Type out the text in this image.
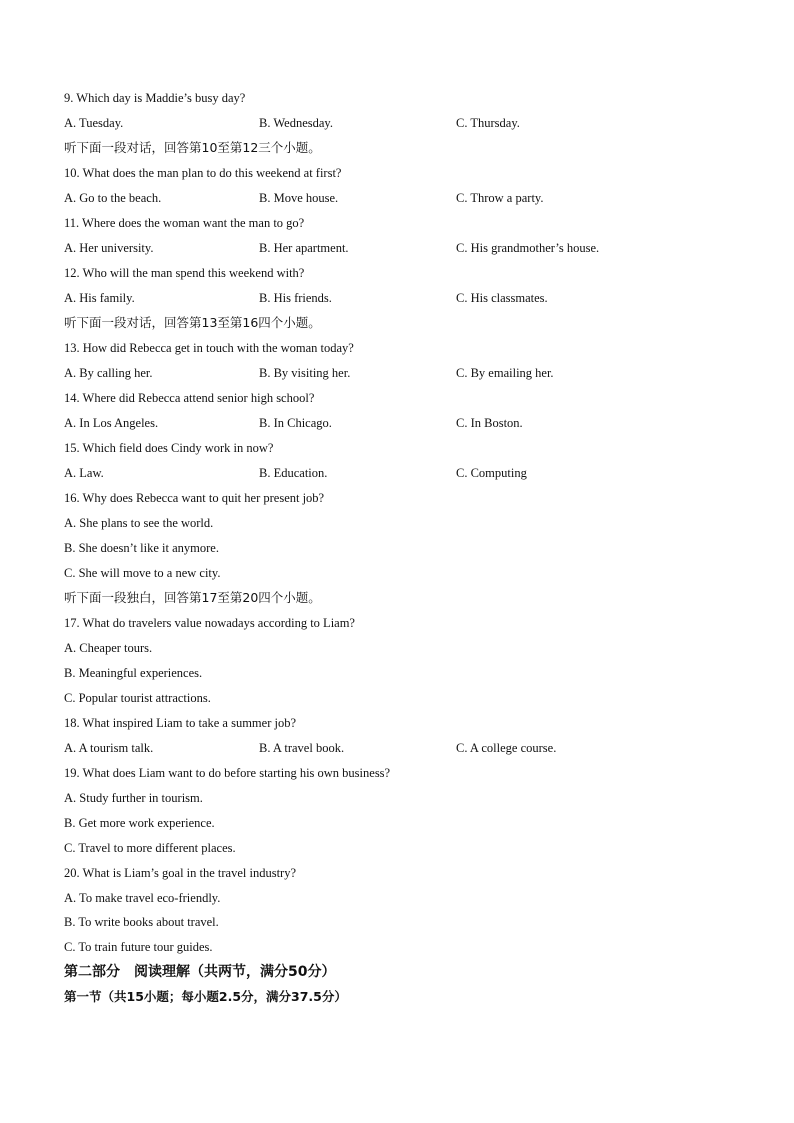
9. Which day is Maddie’s busy day?
A. Tuesday.	B. Wednesday.	C. Thursday.
听下面一段对话，回答第10至第12三个小题。
10. What does the man plan to do this weekend at first?
A. Go to the beach.	B. Move house.	C. Throw a party.
11. Where does the woman want the man to go?
A. Her university.	B. Her apartment.	C. His grandmother’s house.
12. Who will the man spend this weekend with?
A. His family.	B. His friends.	C. His classmates.
听下面一段对话，回答第13至第16四个小题。
13. How did Rebecca get in touch with the woman today?
A. By calling her.	B. By visiting her.	C. By emailing her.
14. Where did Rebecca attend senior high school?
A. In Los Angeles.	B. In Chicago.	C. In Boston.
15. Which field does Cindy work in now?
A. Law.	B. Education.	C. Computing
16. Why does Rebecca want to quit her present job?
A. She plans to see the world.
B. She doesn’t like it anymore.
C. She will move to a new city.
听下面一段独白，回答第17至第20四个小题。
17. What do travelers value nowadays according to Liam?
A. Cheaper tours.
B. Meaningful experiences.
C. Popular tourist attractions.
18. What inspired Liam to take a summer job?
A. A tourism talk.	B. A travel book.	C. A college course.
19. What does Liam want to do before starting his own business?
A. Study further in tourism.
B. Get more work experience.
C. Travel to more different places.
20. What is Liam’s goal in the travel industry?
A. To make travel eco-friendly.
B. To write books about travel.
C. To train future tour guides.
第二部分　阅读理解（共两节，满分50分）
第一节（共15小题；每小题2.5分，满分37.5分）
